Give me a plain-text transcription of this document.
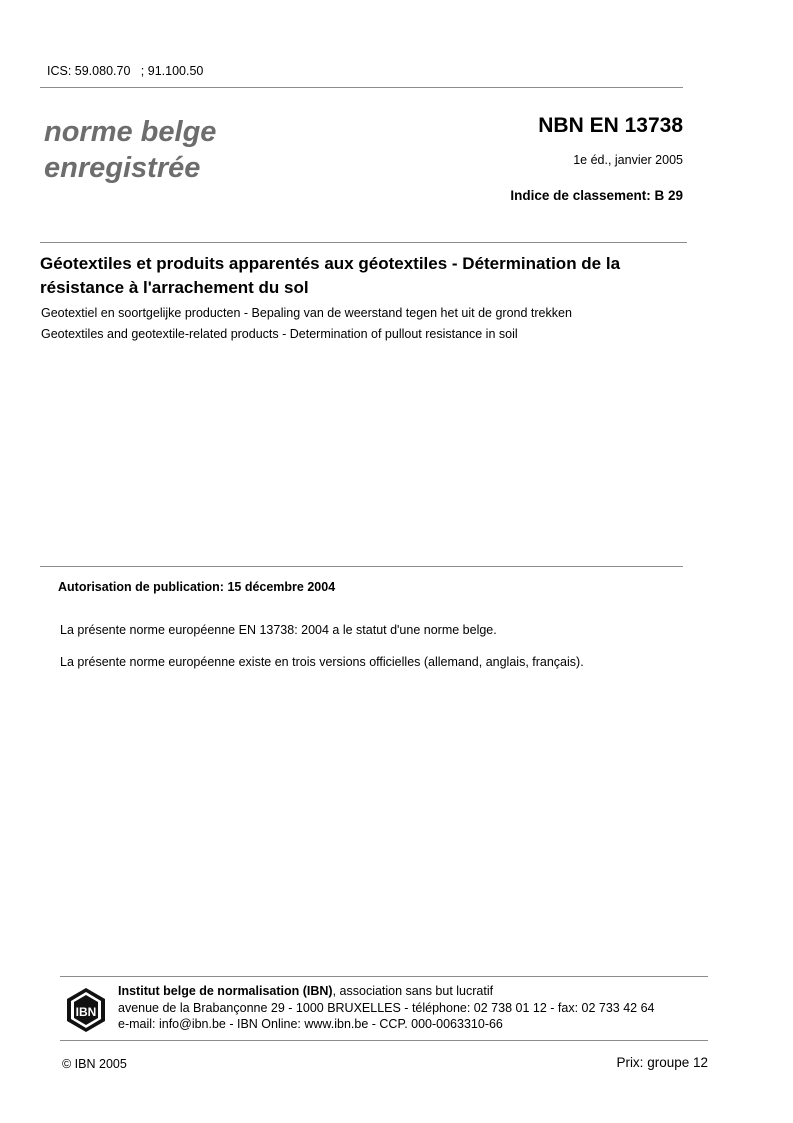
ICS: 59.080.70   ; 91.100.50
norme belge
enregistrée
NBN EN 13738
1e éd., janvier 2005
Indice de classement: B 29
Géotextiles et produits apparentés aux géotextiles - Détermination de la résistance à l'arrachement du sol
Geotextiel en soortgelijke producten - Bepaling van de weerstand tegen het uit de grond trekken
Geotextiles and geotextile-related products - Determination of pullout resistance in soil
Autorisation de publication: 15 décembre 2004
La présente norme européenne EN 13738: 2004 a le statut d'une norme belge.
La présente norme européenne existe en trois versions officielles (allemand, anglais, français).
IBN
Institut belge de normalisation (IBN), association sans but lucratif
avenue de la Brabançonne 29 - 1000 BRUXELLES - téléphone: 02 738 01 12 - fax: 02 733 42 64
e-mail: info@ibn.be - IBN Online: www.ibn.be - CCP. 000-0063310-66
© IBN 2005	Prix: groupe 12
